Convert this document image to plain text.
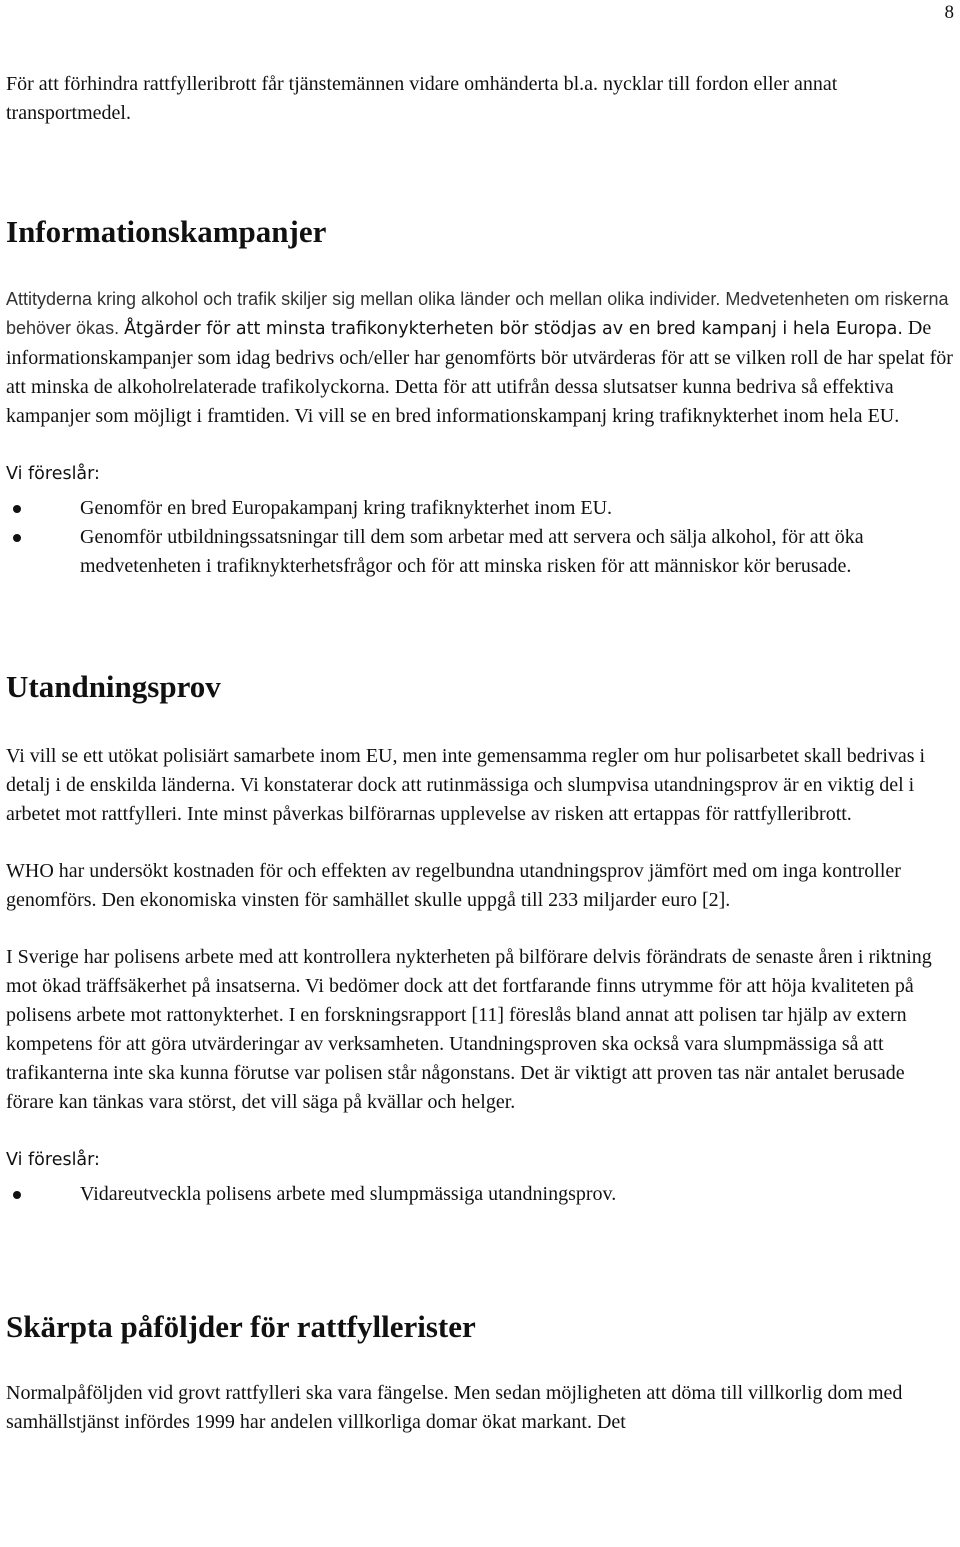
8

För att förhindra rattfylleribrott får tjänstemännen vidare omhänderta bl.a. nycklar till fordon eller annat transportmedel.

Informationskampanjer

Attityderna kring alkohol och trafik skiljer sig mellan olika länder och mellan olika individer. Medvetenheten om riskerna behöver ökas. Åtgärder för att minsta trafikonykterheten bör stödjas av en bred kampanj i hela Europa. De informationskampanjer som idag bedrivs och/eller har genomförts bör utvärderas för att se vilken roll de har spelat för att minska de alkoholrelaterade trafikolyckorna. Detta för att utifrån dessa slutsatser kunna bedriva så effektiva kampanjer som möjligt i framtiden. Vi vill se en bred informationskampanj kring trafiknykterhet inom hela EU.

Vi föreslår:

Genomför en bred Europakampanj kring trafiknykterhet inom EU.
Genomför utbildningssatsningar till dem som arbetar med att servera och sälja alkohol, för att öka medvetenheten i trafiknykterhetsfrågor och för att minska risken för att människor kör berusade.
Utandningsprov

Vi vill se ett utökat polisiärt samarbete inom EU, men inte gemensamma regler om hur polisarbetet skall bedrivas i detalj i de enskilda länderna. Vi konstaterar dock att rutinmässiga och slumpvisa utandningsprov är en viktig del i arbetet mot rattfylleri. Inte minst påverkas bilförarnas upplevelse av risken att ertappas för rattfylleribrott.

WHO har undersökt kostnaden för och effekten av regelbundna utandningsprov jämfört med om inga kontroller genomförs. Den ekonomiska vinsten för samhället skulle uppgå till 233 miljarder euro [2].

I Sverige har polisens arbete med att kontrollera nykterheten på bilförare delvis förändrats de senaste åren i riktning mot ökad träffsäkerhet på insatserna. Vi bedömer dock att det fortfarande finns utrymme för att höja kvaliteten på polisens arbete mot rattonykterhet. I en forskningsrapport [11] föreslås bland annat att polisen tar hjälp av extern kompetens för att göra utvärderingar av verksamheten. Utandningsproven ska också vara slumpmässiga så att trafikanterna inte ska kunna förutse var polisen står någonstans. Det är viktigt att proven tas när antalet berusade förare kan tänkas vara störst, det vill säga på kvällar och helger.

Vi föreslår:

Vidareutveckla polisens arbete med slumpmässiga utandningsprov.
Skärpta påföljder för rattfyllerister

Normalpåföljden vid grovt rattfylleri ska vara fängelse. Men sedan möjligheten att döma till villkorlig dom med samhällstjänst infördes 1999 har andelen villkorliga domar ökat markant. Det
